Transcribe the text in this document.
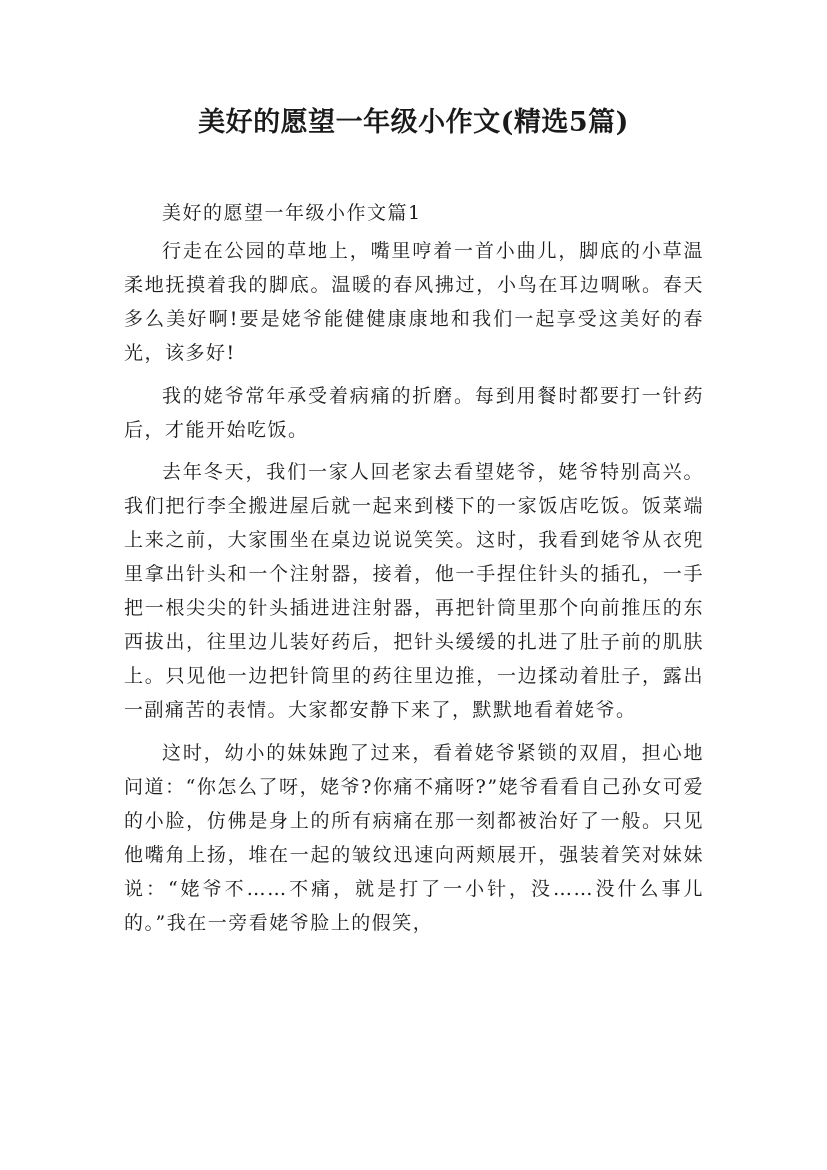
美好的愿望一年级小作文(精选5篇)

美好的愿望一年级小作文篇1

行走在公园的草地上，嘴里哼着一首小曲儿，脚底的小草温柔地抚摸着我的脚底。温暖的春风拂过，小鸟在耳边啁啾。春天多么美好啊!要是姥爷能健健康康地和我们一起享受这美好的春光，该多好!

我的姥爷常年承受着病痛的折磨。每到用餐时都要打一针药后，才能开始吃饭。

去年冬天，我们一家人回老家去看望姥爷，姥爷特别高兴。我们把行李全搬进屋后就一起来到楼下的一家饭店吃饭。饭菜端上来之前，大家围坐在桌边说说笑笑。这时，我看到姥爷从衣兜里拿出针头和一个注射器，接着，他一手捏住针头的插孔，一手把一根尖尖的针头插进进注射器，再把针筒里那个向前推压的东西拔出，往里边儿装好药后，把针头缓缓的扎进了肚子前的肌肤上。只见他一边把针筒里的药往里边推，一边揉动着肚子，露出一副痛苦的表情。大家都安静下来了，默默地看着姥爷。

这时，幼小的妹妹跑了过来，看着姥爷紧锁的双眉，担心地问道：“你怎么了呀，姥爷?你痛不痛呀?”姥爷看看自己孙女可爱的小脸，仿佛是身上的所有病痛在那一刻都被治好了一般。只见他嘴角上扬，堆在一起的皱纹迅速向两颊展开，强装着笑对妹妹说：“姥爷不……不痛，就是打了一小针，没……没什么事儿的。”我在一旁看姥爷脸上的假笑，
